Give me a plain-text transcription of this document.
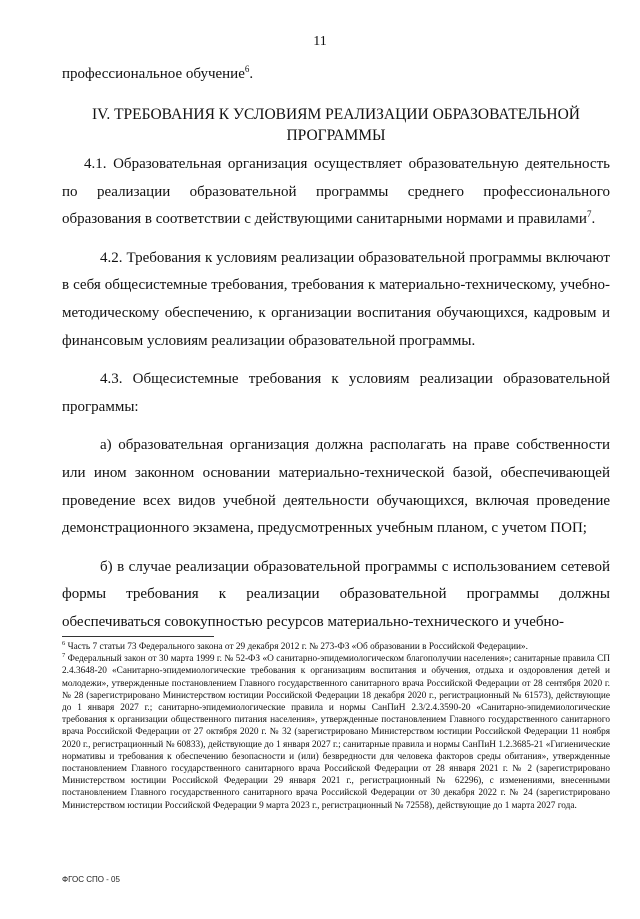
11
профессиональное обучение$^6$.
IV. ТРЕБОВАНИЯ К УСЛОВИЯМ РЕАЛИЗАЦИИ ОБРАЗОВАТЕЛЬНОЙ ПРОГРАММЫ

4.1. Образовательная организация осуществляет образовательную деятельность по реализации образовательной программы среднего профессионального образования в соответствии с действующими санитарными нормами и правилами$^7$.

4.2. Требования к условиям реализации образовательной программы включают в себя общесистемные требования, требования к материально-техническому, учебно-методическому обеспечению, к организации воспитания обучающихся, кадровым и финансовым условиям реализации образовательной программы.

4.3. Общесистемные требования к условиям реализации образовательной программы:

а) образовательная организация должна располагать на праве собственности или ином законном основании материально-технической базой, обеспечивающей проведение всех видов учебной деятельности обучающихся, включая проведение демонстрационного экзамена, предусмотренных учебным планом, с учетом ПОП;

б) в случае реализации образовательной программы с использованием сетевой формы требования к реализации образовательной программы должны обеспечиваться совокупностью ресурсов материально-технического и учебно-

$^6$ Часть 7 статьи 73 Федерального закона от 29 декабря 2012 г. № 273-ФЗ «Об образовании в Российской Федерации».

$^7$ Федеральный закон от 30 марта 1999 г. № 52-ФЗ «О санитарно-эпидемиологическом благополучии населения»; санитарные правила СП 2.4.3648-20 «Санитарно-эпидемиологические требования к организациям воспитания и обучения, отдыха и оздоровления детей и молодежи», утвержденные постановлением Главного государственного санитарного врача Российской Федерации от 28 сентября 2020 г. № 28 (зарегистрировано Министерством юстиции Российской Федерации 18 декабря 2020 г., регистрационный № 61573), действующие до 1 января 2027 г.; санитарно-эпидемиологические правила и нормы СанПиН 2.3/2.4.3590-20 «Санитарно-эпидемиологические требования к организации общественного питания населения», утвержденные постановлением Главного государственного санитарного врача Российской Федерации от 27 октября 2020 г. № 32 (зарегистрировано Министерством юстиции Российской Федерации 11 ноября 2020 г., регистрационный № 60833), действующие до 1 января 2027 г.; санитарные правила и нормы СанПиН 1.2.3685-21 «Гигиенические нормативы и требования к обеспечению безопасности и (или) безвредности для человека факторов среды обитания», утвержденные постановлением Главного государственного санитарного врача Российской Федерации от 28 января 2021 г. № 2 (зарегистрировано Министерством юстиции Российской Федерации 29 января 2021 г., регистрационный № 62296), с изменениями, внесенными постановлением Главного государственного санитарного врача Российской Федерации от 30 декабря 2022 г. № 24 (зарегистрировано Министерством юстиции Российской Федерации 9 марта 2023 г., регистрационный № 72558), действующие до 1 марта 2027 года.

ФГОС СПО - 05
